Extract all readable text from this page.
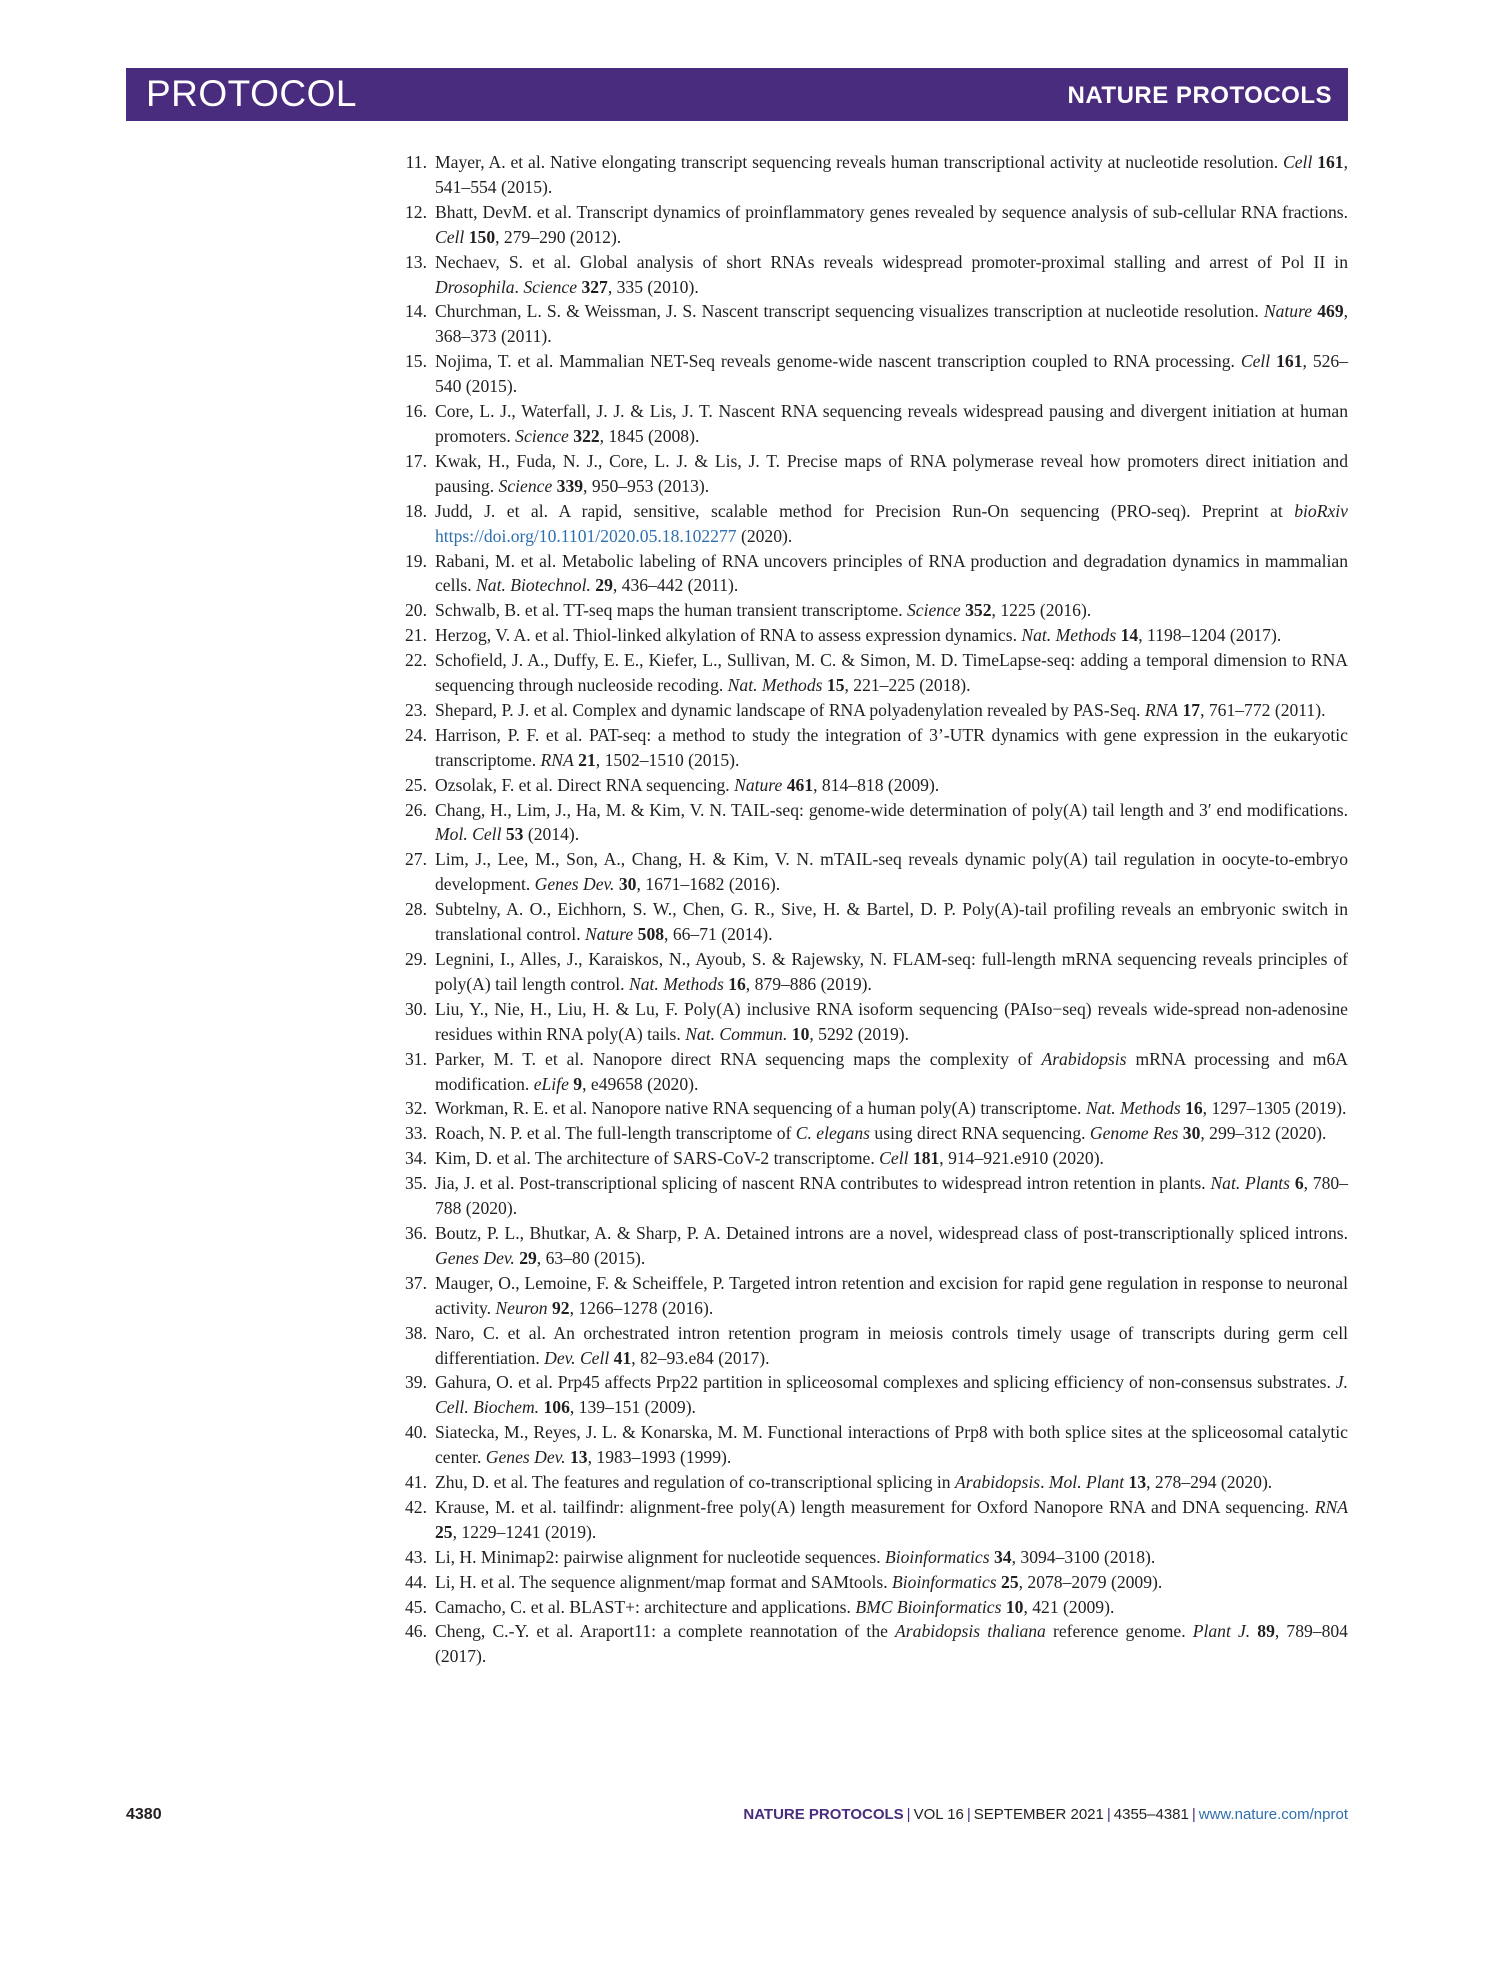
PROTOCOL	NATURE PROTOCOLS
11. Mayer, A. et al. Native elongating transcript sequencing reveals human transcriptional activity at nucleotide resolution. Cell 161, 541–554 (2015).
12. Bhatt, DevM. et al. Transcript dynamics of proinflammatory genes revealed by sequence analysis of sub-cellular RNA fractions. Cell 150, 279–290 (2012).
13. Nechaev, S. et al. Global analysis of short RNAs reveals widespread promoter-proximal stalling and arrest of Pol II in Drosophila. Science 327, 335 (2010).
14. Churchman, L. S. & Weissman, J. S. Nascent transcript sequencing visualizes transcription at nucleotide resolution. Nature 469, 368–373 (2011).
15. Nojima, T. et al. Mammalian NET-Seq reveals genome-wide nascent transcription coupled to RNA processing. Cell 161, 526–540 (2015).
16. Core, L. J., Waterfall, J. J. & Lis, J. T. Nascent RNA sequencing reveals widespread pausing and divergent initiation at human promoters. Science 322, 1845 (2008).
17. Kwak, H., Fuda, N. J., Core, L. J. & Lis, J. T. Precise maps of RNA polymerase reveal how promoters direct initiation and pausing. Science 339, 950–953 (2013).
18. Judd, J. et al. A rapid, sensitive, scalable method for Precision Run-On sequencing (PRO-seq). Preprint at bioRxiv https://doi.org/10.1101/2020.05.18.102277 (2020).
19. Rabani, M. et al. Metabolic labeling of RNA uncovers principles of RNA production and degradation dynamics in mammalian cells. Nat. Biotechnol. 29, 436–442 (2011).
20. Schwalb, B. et al. TT-seq maps the human transient transcriptome. Science 352, 1225 (2016).
21. Herzog, V. A. et al. Thiol-linked alkylation of RNA to assess expression dynamics. Nat. Methods 14, 1198–1204 (2017).
22. Schofield, J. A., Duffy, E. E., Kiefer, L., Sullivan, M. C. & Simon, M. D. TimeLapse-seq: adding a temporal dimension to RNA sequencing through nucleoside recoding. Nat. Methods 15, 221–225 (2018).
23. Shepard, P. J. et al. Complex and dynamic landscape of RNA polyadenylation revealed by PAS-Seq. RNA 17, 761–772 (2011).
24. Harrison, P. F. et al. PAT-seq: a method to study the integration of 3’-UTR dynamics with gene expression in the eukaryotic transcriptome. RNA 21, 1502–1510 (2015).
25. Ozsolak, F. et al. Direct RNA sequencing. Nature 461, 814–818 (2009).
26. Chang, H., Lim, J., Ha, M. & Kim, V. N. TAIL-seq: genome-wide determination of poly(A) tail length and 3′ end modifications. Mol. Cell 53 (2014).
27. Lim, J., Lee, M., Son, A., Chang, H. & Kim, V. N. mTAIL-seq reveals dynamic poly(A) tail regulation in oocyte-to-embryo development. Genes Dev. 30, 1671–1682 (2016).
28. Subtelny, A. O., Eichhorn, S. W., Chen, G. R., Sive, H. & Bartel, D. P. Poly(A)-tail profiling reveals an embryonic switch in translational control. Nature 508, 66–71 (2014).
29. Legnini, I., Alles, J., Karaiskos, N., Ayoub, S. & Rajewsky, N. FLAM-seq: full-length mRNA sequencing reveals principles of poly(A) tail length control. Nat. Methods 16, 879–886 (2019).
30. Liu, Y., Nie, H., Liu, H. & Lu, F. Poly(A) inclusive RNA isoform sequencing (PAIso−seq) reveals wide-spread non-adenosine residues within RNA poly(A) tails. Nat. Commun. 10, 5292 (2019).
31. Parker, M. T. et al. Nanopore direct RNA sequencing maps the complexity of Arabidopsis mRNA processing and m6A modification. eLife 9, e49658 (2020).
32. Workman, R. E. et al. Nanopore native RNA sequencing of a human poly(A) transcriptome. Nat. Methods 16, 1297–1305 (2019).
33. Roach, N. P. et al. The full-length transcriptome of C. elegans using direct RNA sequencing. Genome Res 30, 299–312 (2020).
34. Kim, D. et al. The architecture of SARS-CoV-2 transcriptome. Cell 181, 914–921.e910 (2020).
35. Jia, J. et al. Post-transcriptional splicing of nascent RNA contributes to widespread intron retention in plants. Nat. Plants 6, 780–788 (2020).
36. Boutz, P. L., Bhutkar, A. & Sharp, P. A. Detained introns are a novel, widespread class of post-transcriptionally spliced introns. Genes Dev. 29, 63–80 (2015).
37. Mauger, O., Lemoine, F. & Scheiffele, P. Targeted intron retention and excision for rapid gene regulation in response to neuronal activity. Neuron 92, 1266–1278 (2016).
38. Naro, C. et al. An orchestrated intron retention program in meiosis controls timely usage of transcripts during germ cell differentiation. Dev. Cell 41, 82–93.e84 (2017).
39. Gahura, O. et al. Prp45 affects Prp22 partition in spliceosomal complexes and splicing efficiency of non-consensus substrates. J. Cell. Biochem. 106, 139–151 (2009).
40. Siatecka, M., Reyes, J. L. & Konarska, M. M. Functional interactions of Prp8 with both splice sites at the spliceosomal catalytic center. Genes Dev. 13, 1983–1993 (1999).
41. Zhu, D. et al. The features and regulation of co-transcriptional splicing in Arabidopsis. Mol. Plant 13, 278–294 (2020).
42. Krause, M. et al. tailfindr: alignment-free poly(A) length measurement for Oxford Nanopore RNA and DNA sequencing. RNA 25, 1229–1241 (2019).
43. Li, H. Minimap2: pairwise alignment for nucleotide sequences. Bioinformatics 34, 3094–3100 (2018).
44. Li, H. et al. The sequence alignment/map format and SAMtools. Bioinformatics 25, 2078–2079 (2009).
45. Camacho, C. et al. BLAST+: architecture and applications. BMC Bioinformatics 10, 421 (2009).
46. Cheng, C.-Y. et al. Araport11: a complete reannotation of the Arabidopsis thaliana reference genome. Plant J. 89, 789–804 (2017).
4380	NATURE PROTOCOLS | VOL 16 | SEPTEMBER 2021 | 4355–4381 | www.nature.com/nprot
